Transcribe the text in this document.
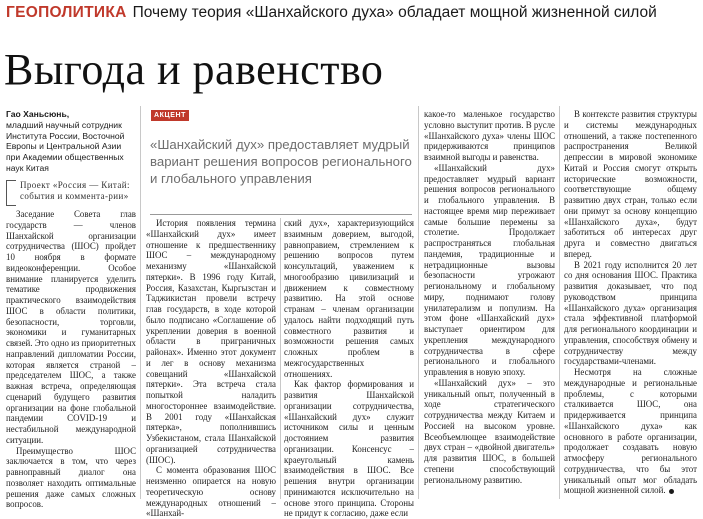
ГЕОПОЛИТИКА Почему теория «Шанхайского духа» обладает мощной жизненной силой
Выгода и равенство
Гао Ханьсюнь,
младший научный сотрудник Института России, Восточной Европы и Центральной Азии при Академии общественных наук Китая
Проект «Россия — Китай: события и коммента-рии»
АКЦЕНТ
«Шанхайский дух» предоставляет мудрый вариант решения вопросов регионального и глобального управления

Заседание Совета глав государств — членов Шанхайской организации сотрудничества (ШОС) пройдет 10 ноября в формате видеоконференции. Особое внимание планируется уделить тематике продвижения практического взаимодействия ШОС в области политики, безопасности, торговли, экономики и гуманитарных связей. Это одно из приоритетных направлений дипломатии России, которая является страной – председателем ШОС, а также важная встреча, определяющая сценарий будущего развития организации на фоне глобальной пандемии COVID-19 и нестабильной международной ситуации.

Преимущество ШОС заключается в том, что через равноправный диалог она позволяет находить оптимальные решения даже самых сложных вопросов.

История появления термина «Шанхайский дух» имеет отношение к предшественнику ШОС – международному механизму «Шанхайской пятерки». В 1996 году Китай, Россия, Казахстан, Кыргызстан и Таджикистан провели встречу глав государств, в ходе которой было подписано «Соглашение об укреплении доверия в военной области в приграничных районах». Именно этот документ и лег в основу механизма совещаний «Шанхайской пятерки». Эта встреча стала попыткой наладить многостороннее взаимодействие. В 2001 году «Шанхайская пятерка», пополнившись Узбекистаном, стала Шанхайской организацией сотрудничества (ШОС).

С момента образования ШОС неизменно опирается на новую теоретическую основу международных отношений – «Шанхай-

ский дух», характеризующийся взаимным доверием, выгодой, равноправием, стремлением к решению вопросов путем консультаций, уважением к многообразию цивилизаций и движением к совместному развитию. На этой основе странам – членам организации удалось найти подходящий путь совместного развития и возможности решения самых сложных проблем в межгосударственных отношениях.

Как фактор формирования и развития Шанхайской организации сотрудничества, «Шанхайский дух» служит источником силы и ценным достоянием развития организации. Консенсус – краеугольный камень взаимодействия в ШОС. Все решения внутри организации принимаются исключительно на основе этого принципа. Стороны не придут к согласию, даже если

какое-то маленькое государство условно выступит против. В русле «Шанхайского духа» члены ШОС придерживаются принципов взаимной выгоды и равенства.

«Шанхайский дух» предоставляет мудрый вариант решения вопросов регионального и глобального управления. В настоящее время мир переживает самые большие перемены за столетие. Продолжает распространяться глобальная пандемия, традиционные и нетрадиционные вызовы безопасности угрожают региональному и глобальному миру, поднимают голову унилатерализм и популизм. На этом фоне «Шанхайский дух» выступает ориентиром для укрепления международного сотрудничества в сфере регионального и глобального управления в новую эпоху.

«Шанхайский дух» – это уникальный опыт, полученный в ходе стратегического сотрудничества между Китаем и Россией на высоком уровне. Всеобъемлющее взаимодействие двух стран – «двойной двигатель» для развития ШОС, в большей степени способствующий региональному развитию.

В контексте развития структуры и системы международных отношений, а также постепенного распространения Великой депрессии в мировой экономике Китай и Россия смогут открыть исторические возможности, соответствующие общему развитию двух стран, только если они примут за основу концепцию «Шанхайского духа», будут заботиться об интересах друг друга и совместно двигаться вперед.

В 2021 году исполнится 20 лет со дня основания ШОС. Практика развития доказывает, что под руководством принципа «Шанхайского духа» организация стала эффективной платформой для регионального координации и управления, способствуя обмену и сотрудничеству между государствами-членами.

Несмотря на сложные международные и региональные проблемы, с которыми сталкивается ШОС, она придерживается принципа «Шанхайского духа» как основного в работе организации, продолжает создавать новую атмосферу регионального сотрудничества, что бы этот уникальный опыт мог обладать мощной жизненной силой.
